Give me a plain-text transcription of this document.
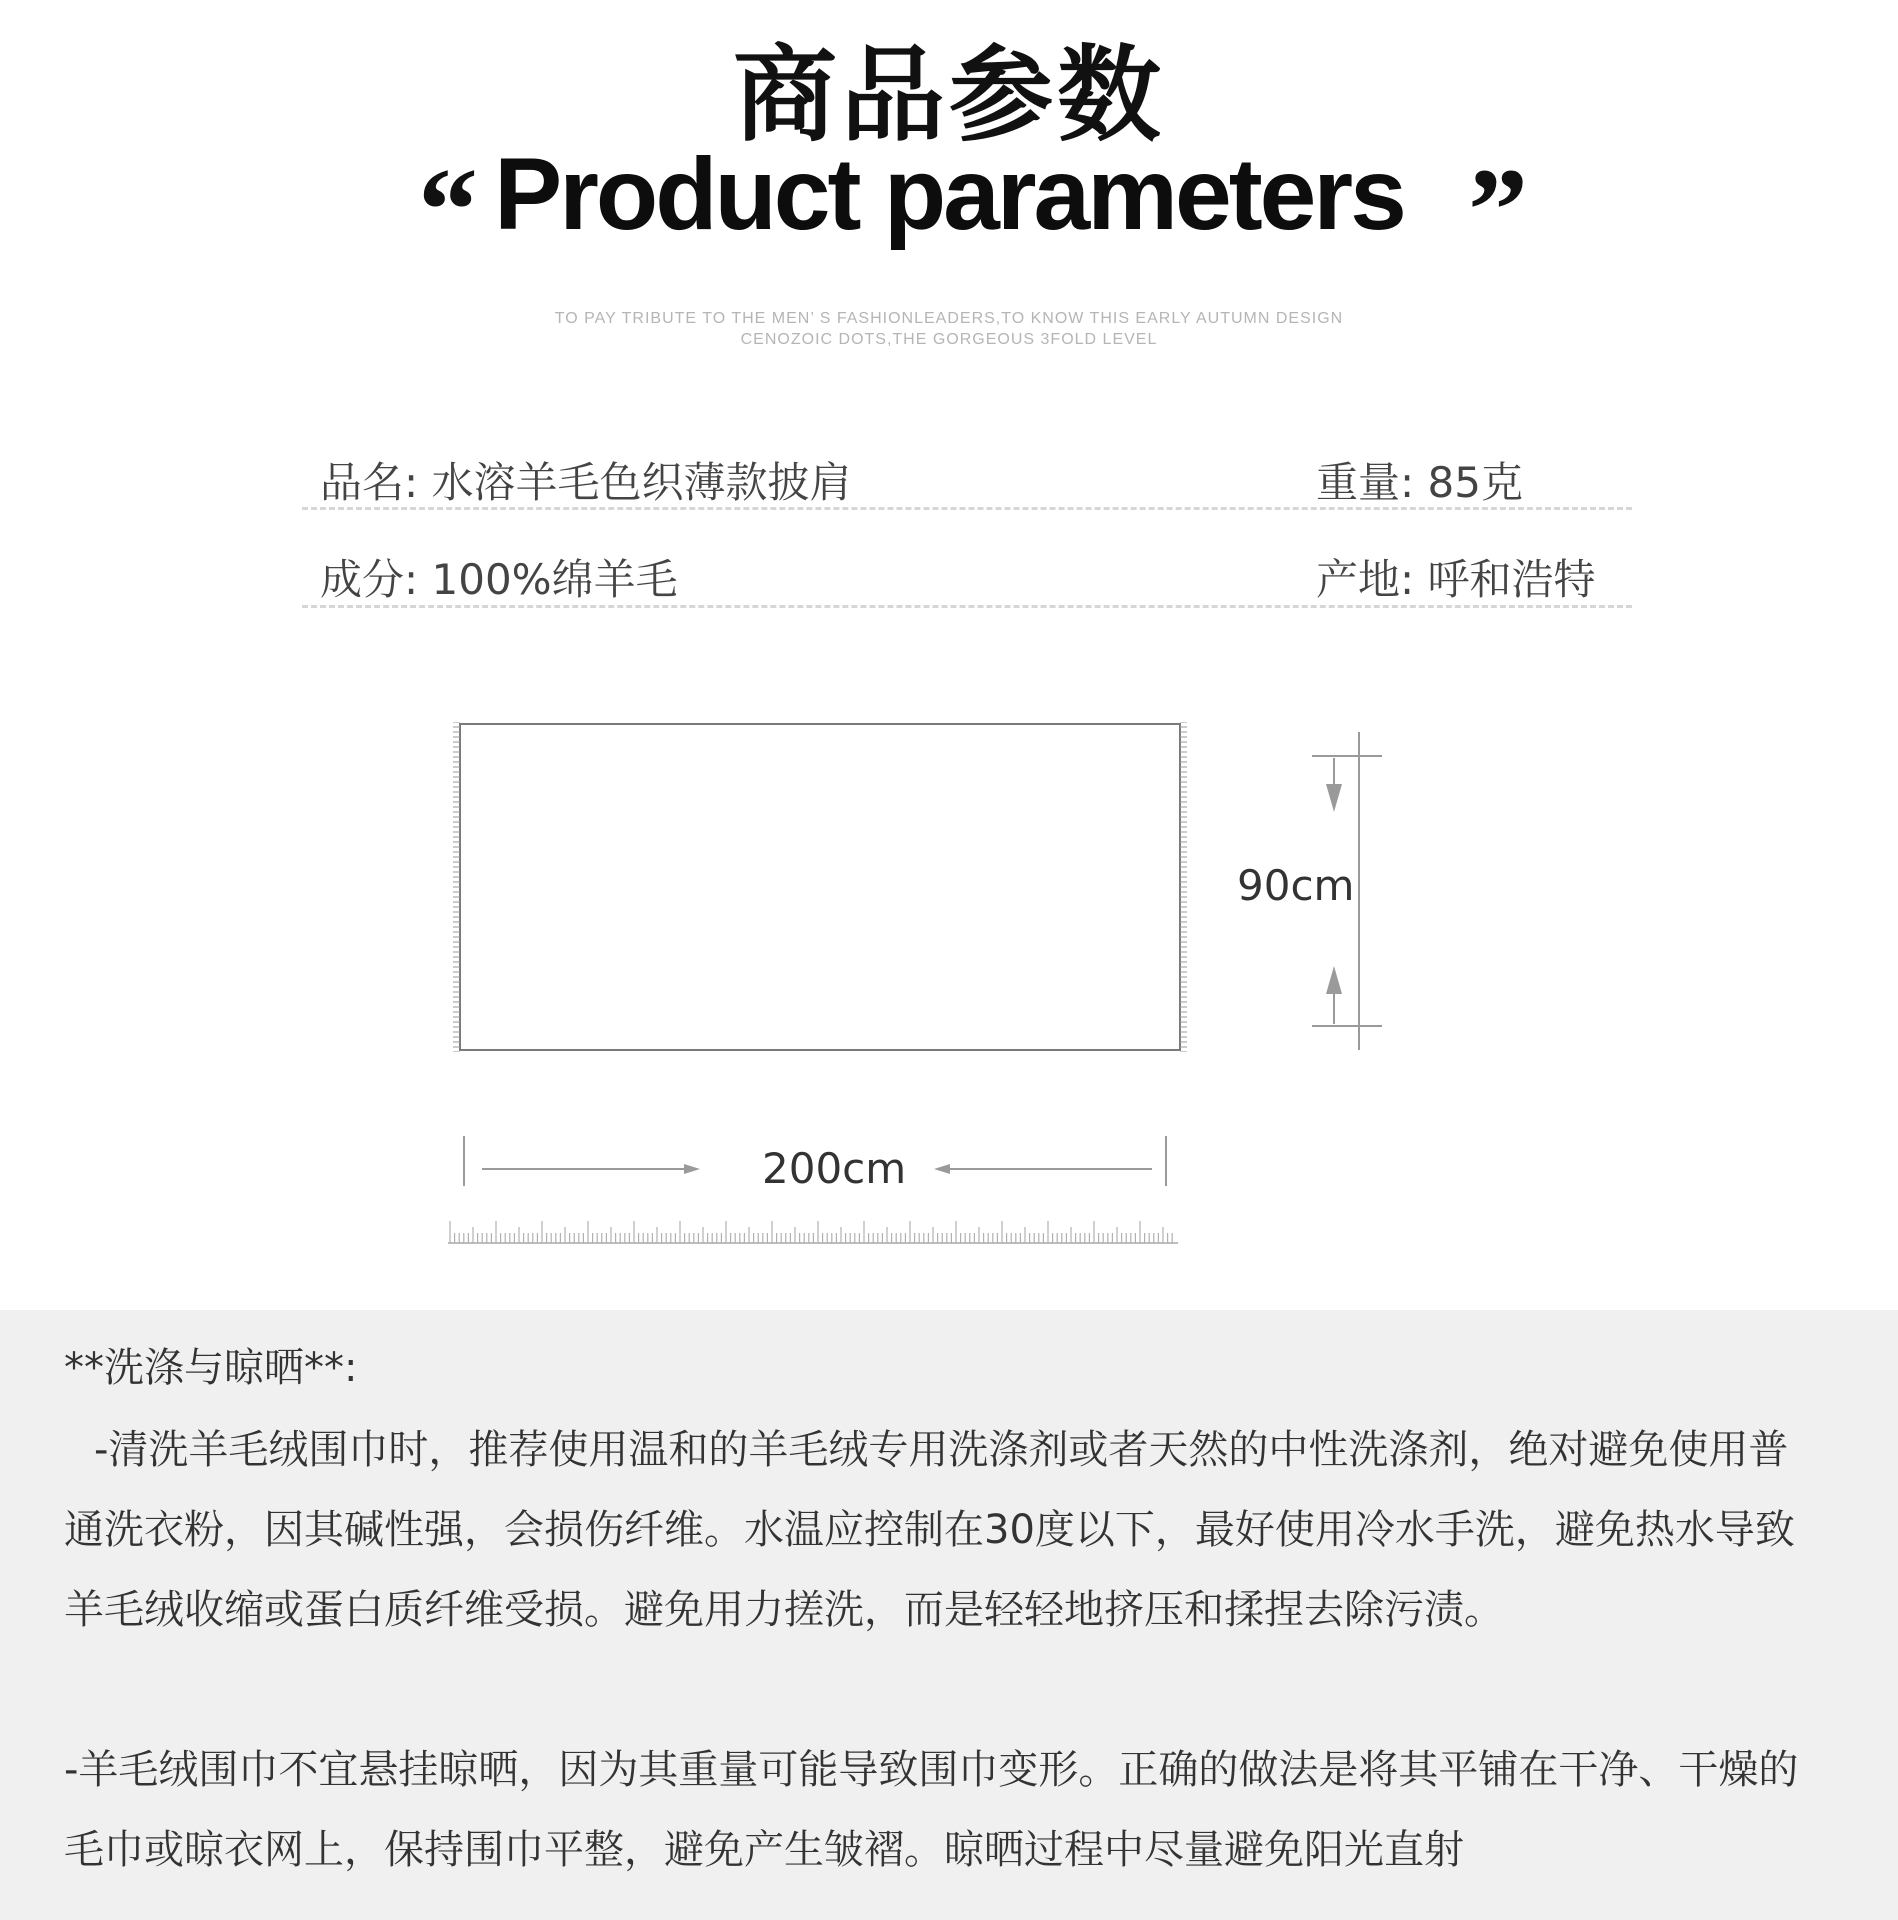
商品参数
“ Product parameters ”
TO PAY TRIBUTE TO THE MEN’ S FASHIONLEADERS,TO KNOW THIS EARLY AUTUMN DESIGN
CENOZOIC DOTS,THE GORGEOUS 3FOLD LEVEL
品名: 水溶羊毛色织薄款披肩	重量: 85克
成分: 100%绵羊毛	产地: 呼和浩特
90cm
200cm
**洗涤与晾晒**:

-清洗羊毛绒围巾时，推荐使用温和的羊毛绒专用洗涤剂或者天然的中性洗涤剂，绝对避免使用普通洗衣粉，因其碱性强，会损伤纤维。水温应控制在30度以下，最好使用冷水手洗，避免热水导致羊毛绒收缩或蛋白质纤维受损。避免用力搓洗，而是轻轻地挤压和揉捏去除污渍。

-羊毛绒围巾不宜悬挂晾晒，因为其重量可能导致围巾变形。正确的做法是将其平铺在干净、干燥的毛巾或晾衣网上，保持围巾平整，避免产生皱褶。晾晒过程中尽量避免阳光直射
